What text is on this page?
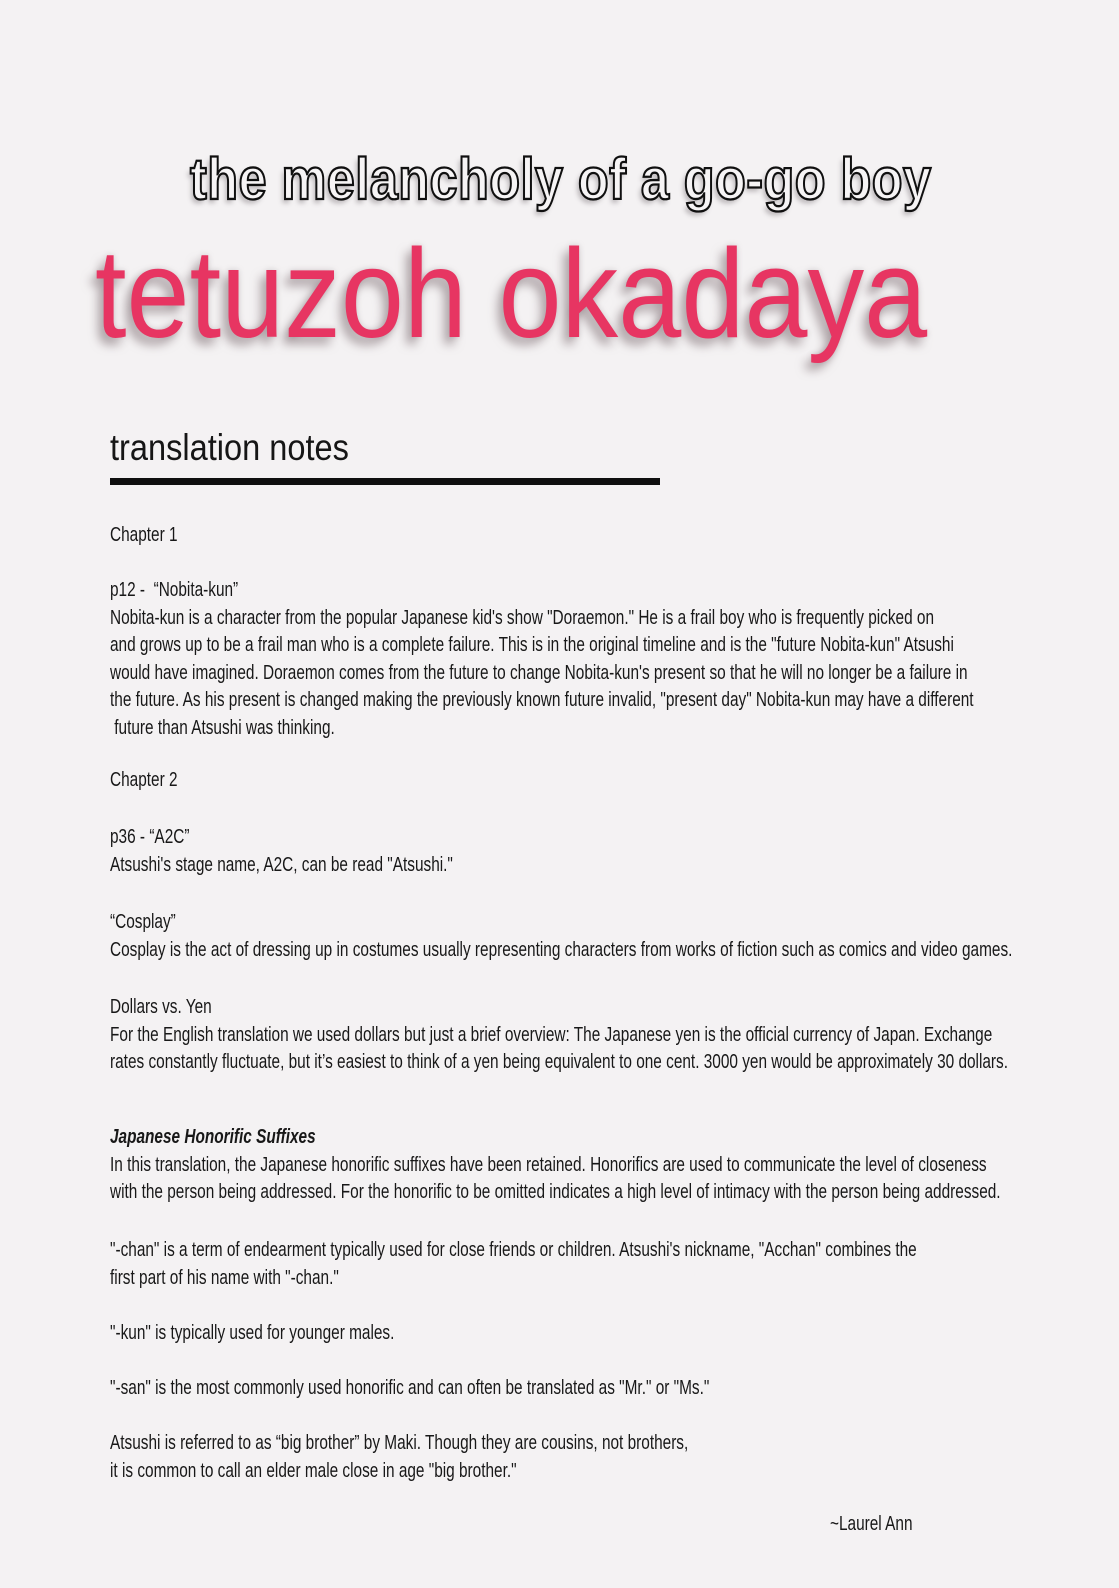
the melancholy of a go-go boy
tetuzoh okadaya
translation notes
Chapter 1
p12 -  “Nobita-kun”
Nobita-kun is a character from the popular Japanese kid's show "Doraemon." He is a frail boy who is frequently picked on
and grows up to be a frail man who is a complete failure. This is in the original timeline and is the "future Nobita-kun" Atsushi
would have imagined. Doraemon comes from the future to change Nobita-kun's present so that he will no longer be a failure in
the future. As his present is changed making the previously known future invalid, "present day" Nobita-kun may have a different
future than Atsushi was thinking.
Chapter 2
p36 - “A2C”
Atsushi's stage name, A2C, can be read "Atsushi."
“Cosplay”
Cosplay is the act of dressing up in costumes usually representing characters from works of fiction such as comics and video games.
Dollars vs. Yen
For the English translation we used dollars but just a brief overview: The Japanese yen is the official currency of Japan. Exchange
rates constantly fluctuate, but it’s easiest to think of a yen being equivalent to one cent. 3000 yen would be approximately 30 dollars.
Japanese Honorific Suffixes
In this translation, the Japanese honorific suffixes have been retained. Honorifics are used to communicate the level of closeness
with the person being addressed. For the honorific to be omitted indicates a high level of intimacy with the person being addressed.
"-chan" is a term of endearment typically used for close friends or children. Atsushi's nickname, "Acchan" combines the
first part of his name with "-chan."
"-kun" is typically used for younger males.
"-san" is the most commonly used honorific and can often be translated as "Mr." or "Ms."
Atsushi is referred to as “big brother” by Maki. Though they are cousins, not brothers,
it is common to call an elder male close in age "big brother."
~Laurel Ann
